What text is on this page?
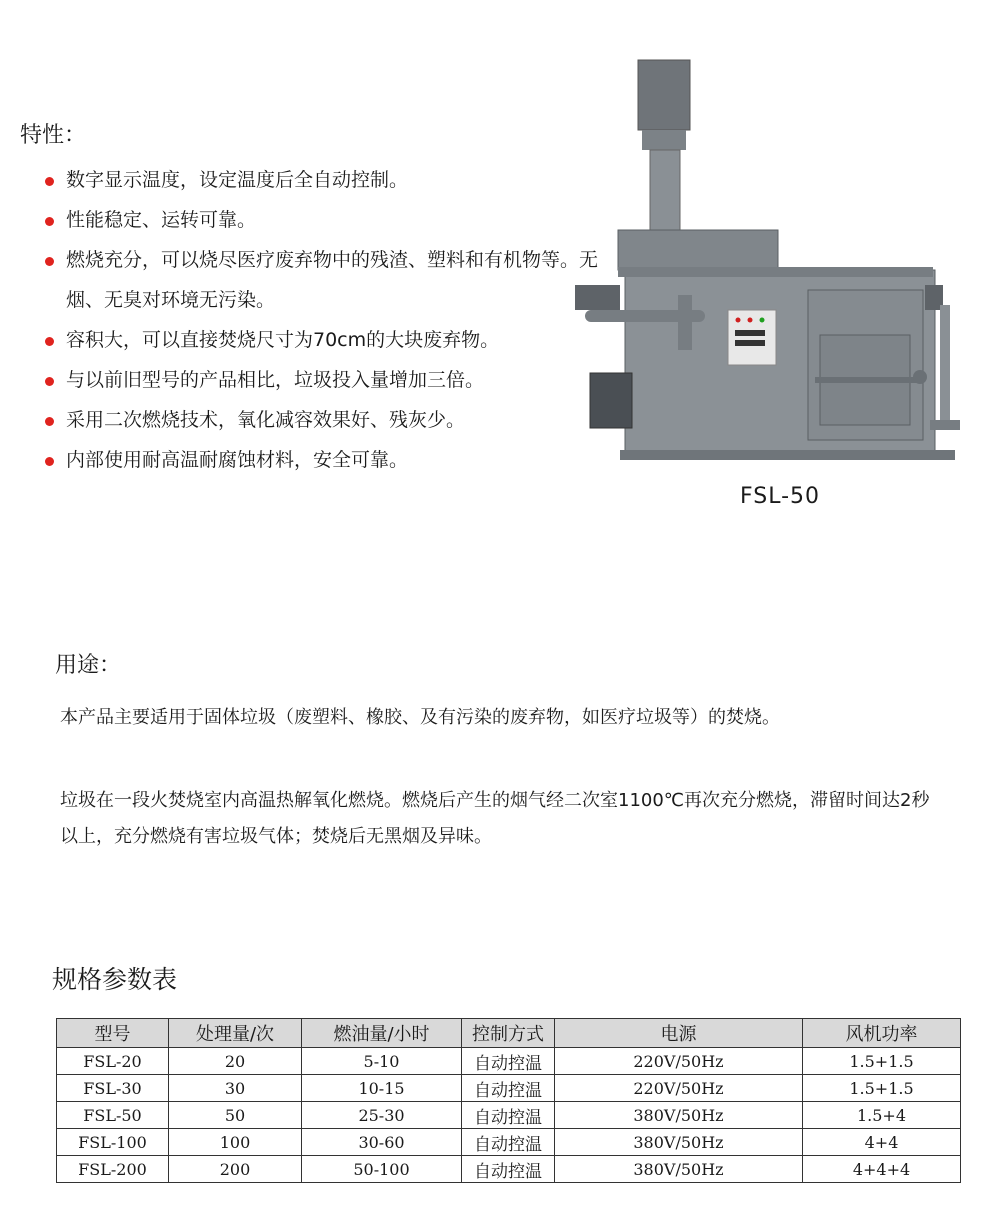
特性：
数字显示温度，设定温度后全自动控制。
性能稳定、运转可靠。
燃烧充分，可以烧尽医疗废弃物中的残渣、塑料和有机物等。无烟、无臭对环境无污染。
容积大，可以直接焚烧尺寸为70cm的大块废弃物。
与以前旧型号的产品相比，垃圾投入量增加三倍。
采用二次燃烧技术，氧化减容效果好、残灰少。
内部使用耐高温耐腐蚀材料，安全可靠。
FSL-50
用途：

本产品主要适用于固体垃圾（废塑料、橡胶、及有污染的废弃物，如医疗垃圾等）的焚烧。

垃圾在一段火焚烧室内高温热解氧化燃烧。燃烧后产生的烟气经二次室1100℃再次充分燃烧，滞留时间达2秒以上，充分燃烧有害垃圾气体；焚烧后无黑烟及异味。

规格参数表
型号	处理量/次	燃油量/小时	控制方式	电源	风机功率
FSL-20	20	5-10	自动控温	220V/50Hz	1.5+1.5
FSL-30	30	10-15	自动控温	220V/50Hz	1.5+1.5
FSL-50	50	25-30	自动控温	380V/50Hz	1.5+4
FSL-100	100	30-60	自动控温	380V/50Hz	4+4
FSL-200	200	50-100	自动控温	380V/50Hz	4+4+4
